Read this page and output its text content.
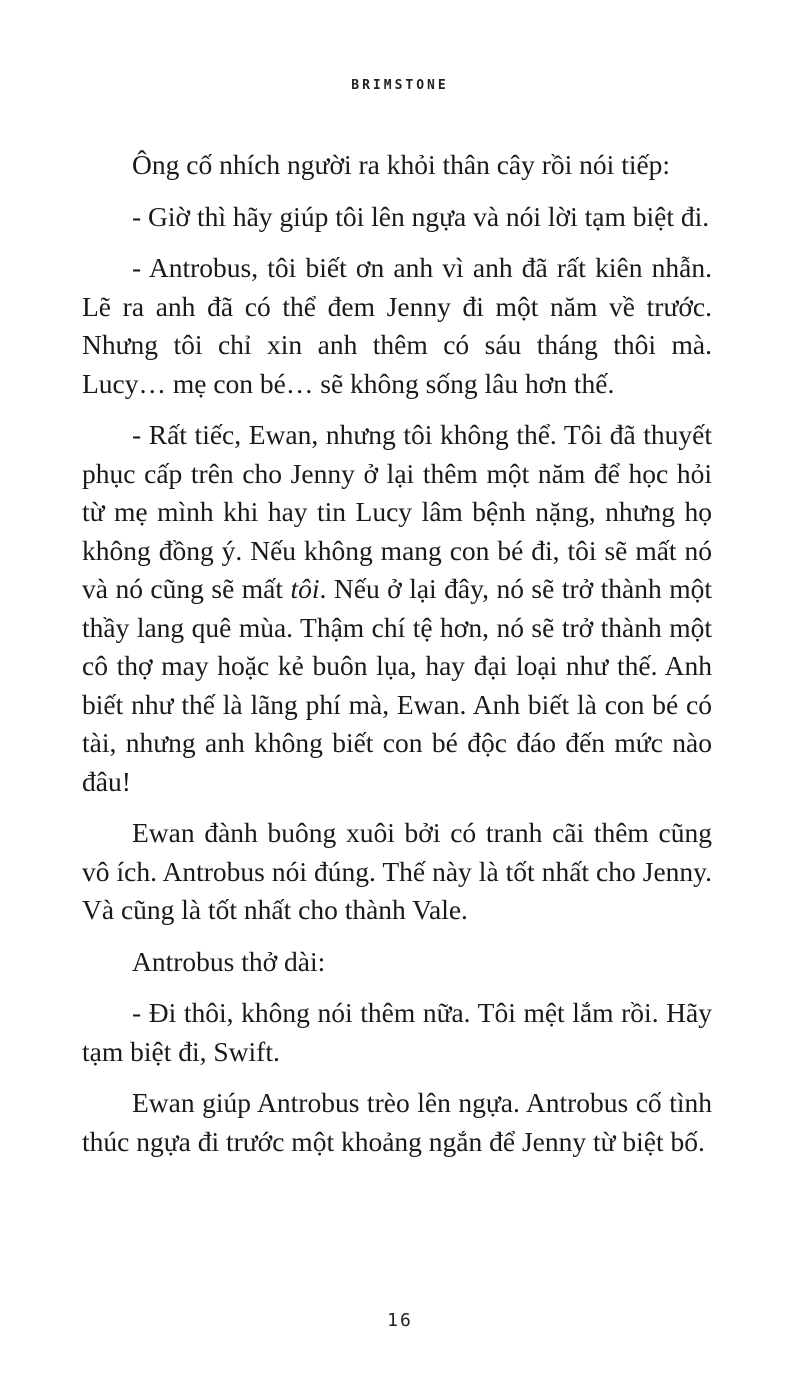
BRIMSTONE

Ông cố nhích người ra khỏi thân cây rồi nói tiếp:

- Giờ thì hãy giúp tôi lên ngựa và nói lời tạm biệt đi.

- Antrobus, tôi biết ơn anh vì anh đã rất kiên nhẫn. Lẽ ra anh đã có thể đem Jenny đi một năm về trước. Nhưng tôi chỉ xin anh thêm có sáu tháng thôi mà. Lucy… mẹ con bé… sẽ không sống lâu hơn thế.

- Rất tiếc, Ewan, nhưng tôi không thể. Tôi đã thuyết phục cấp trên cho Jenny ở lại thêm một năm để học hỏi từ mẹ mình khi hay tin Lucy lâm bệnh nặng, nhưng họ không đồng ý. Nếu không mang con bé đi, tôi sẽ mất nó và nó cũng sẽ mất tôi. Nếu ở lại đây, nó sẽ trở thành một thầy lang quê mùa. Thậm chí tệ hơn, nó sẽ trở thành một cô thợ may hoặc kẻ buôn lụa, hay đại loại như thế. Anh biết như thế là lãng phí mà, Ewan. Anh biết là con bé có tài, nhưng anh không biết con bé độc đáo đến mức nào đâu!

Ewan đành buông xuôi bởi có tranh cãi thêm cũng vô ích. Antrobus nói đúng. Thế này là tốt nhất cho Jenny. Và cũng là tốt nhất cho thành Vale.

Antrobus thở dài:

- Đi thôi, không nói thêm nữa. Tôi mệt lắm rồi. Hãy tạm biệt đi, Swift.

Ewan giúp Antrobus trèo lên ngựa. Antrobus cố tình thúc ngựa đi trước một khoảng ngắn để Jenny từ biệt bố.

16
